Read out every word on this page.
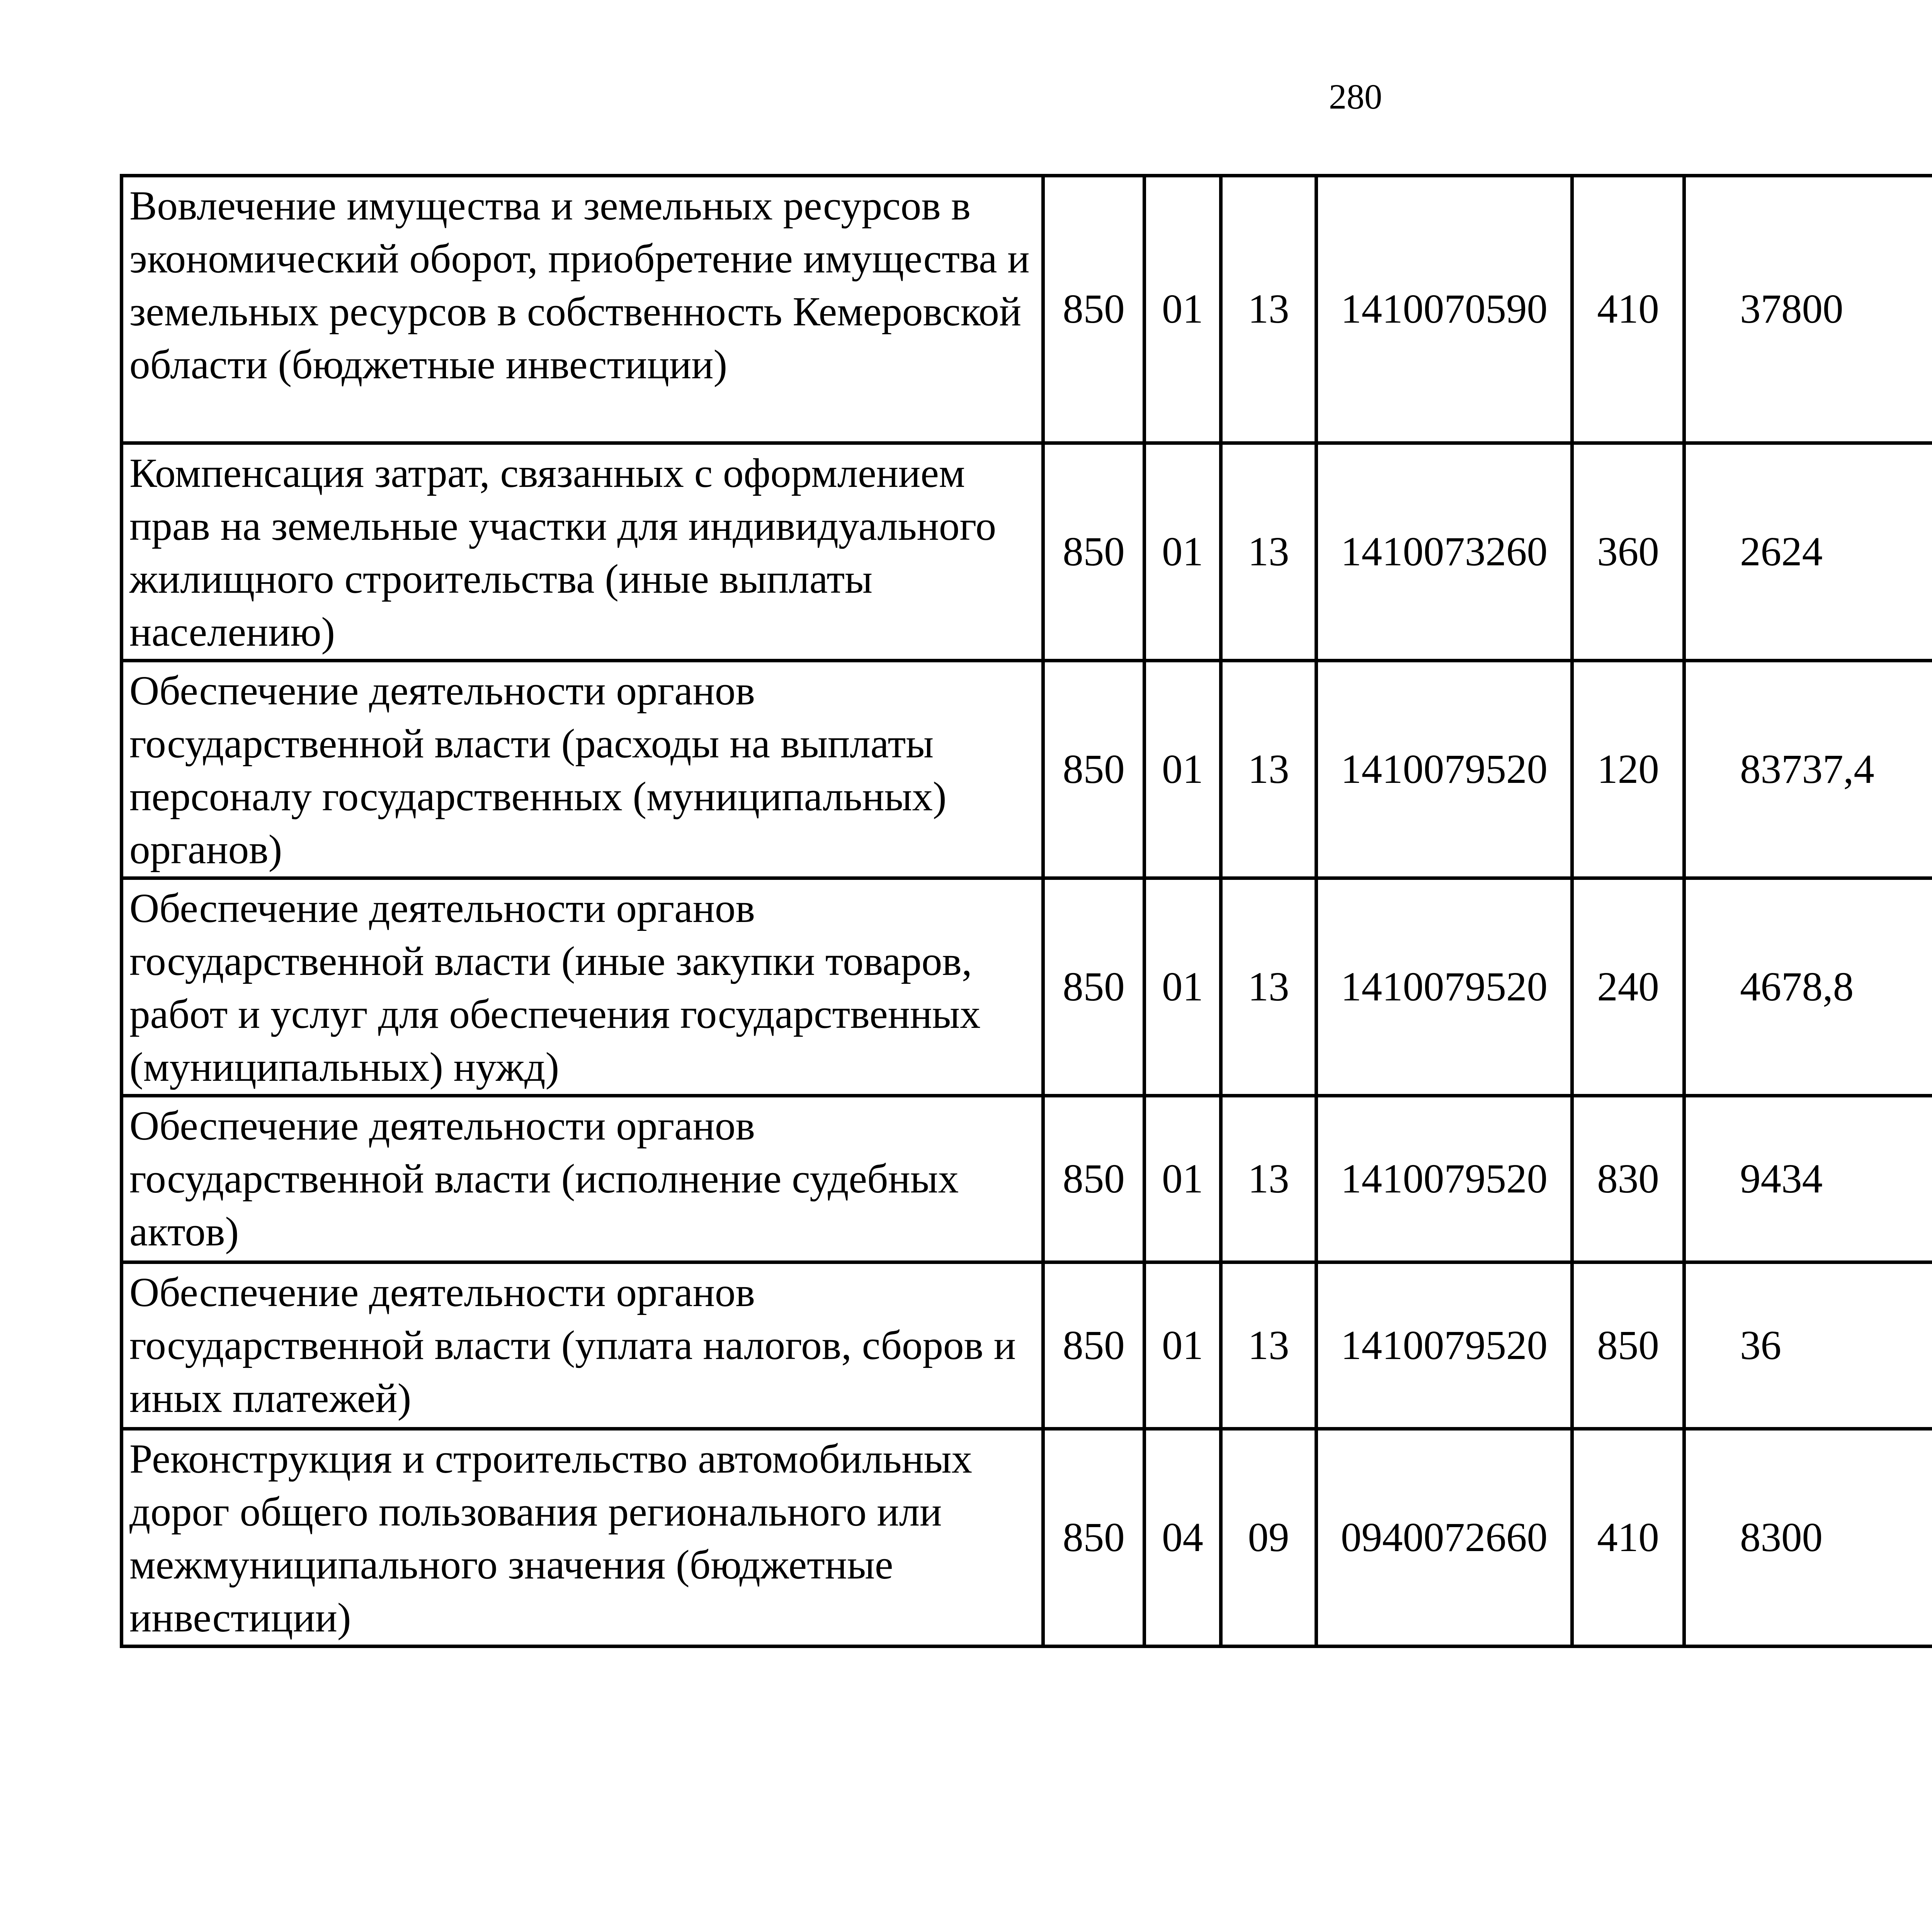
280
Вовлечение имущества и земельных ресурсов в экономический оборот, приобретение имущества и земельных ресурсов в собственность Кемеровской области (бюджетные инвестиции)	850	01	13	1410070590	410	37800		
Компенсация затрат, связанных с оформлением прав на земельные участки для индивидуального жилищного строительства (иные выплаты населению)	850	01	13	1410073260	360	2624		
Обеспечение деятельности органов государственной власти (расходы на выплаты персоналу государственных (муниципальных) органов)	850	01	13	1410079520	120	83737,4		
Обеспечение деятельности органов государственной власти (иные закупки товаров, работ и услуг для обеспечения государственных (муниципальных) нужд)	850	01	13	1410079520	240	4678,8		
Обеспечение деятельности органов государственной власти (исполнение судебных актов)	850	01	13	1410079520	830	9434		
Обеспечение деятельности органов государственной власти (уплата налогов, сборов и иных платежей)	850	01	13	1410079520	850	36		
Реконструкция и строительство автомобильных дорог общего пользования регионального или межмуниципального значения (бюджетные инвестиции)	850	04	09	0940072660	410	8300		
